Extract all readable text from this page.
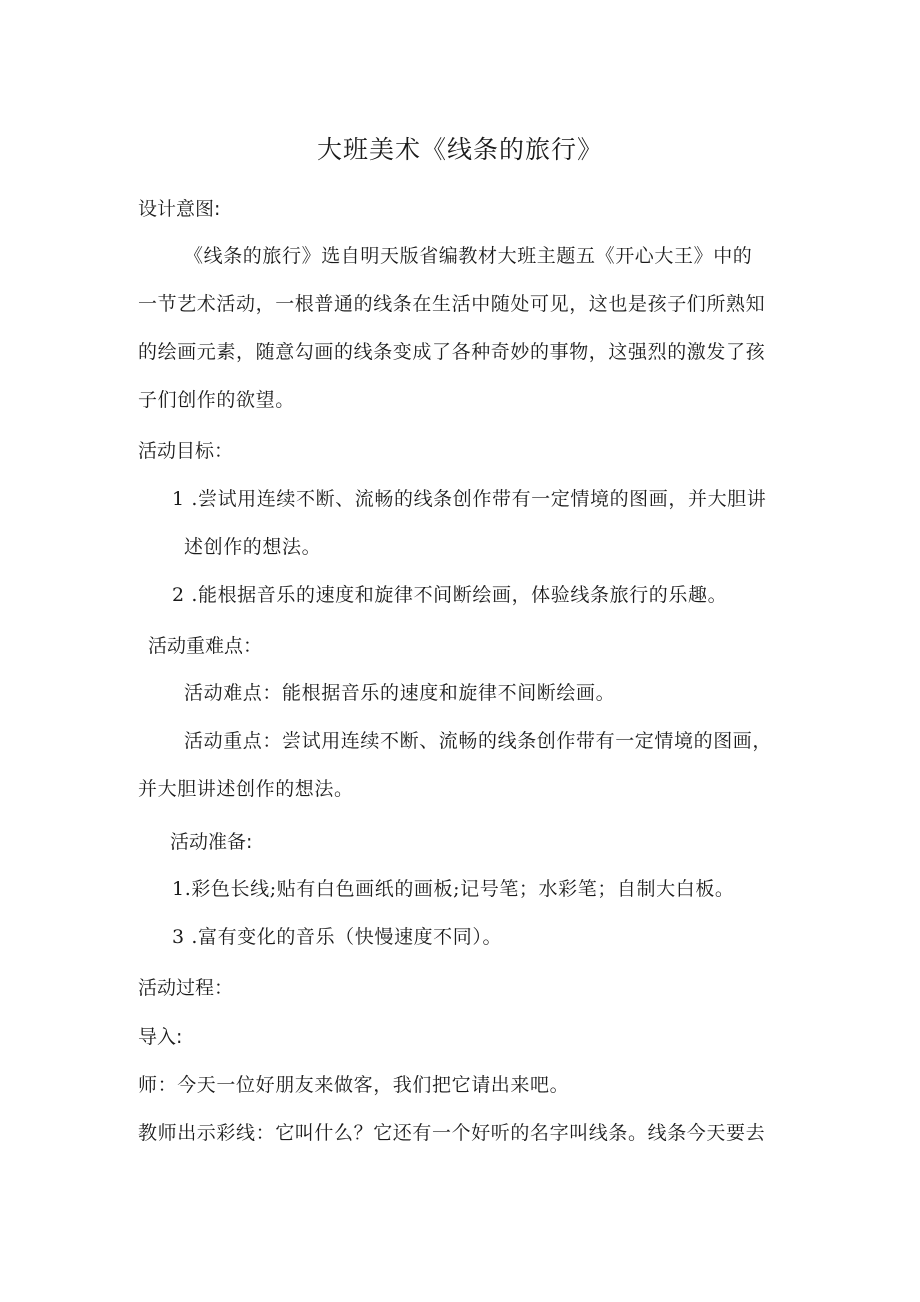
大班美术《线条的旅行》
设计意图:
《线条的旅行》选自明天版省编教材大班主题五《开心大王》中的
一节艺术活动，一根普通的线条在生活中随处可见，这也是孩子们所熟知
的绘画元素，随意勾画的线条变成了各种奇妙的事物，这强烈的激发了孩
子们创作的欲望。
活动目标：
1 .尝试用连续不断、流畅的线条创作带有一定情境的图画，并大胆讲
述创作的想法。
2 .能根据音乐的速度和旋律不间断绘画，体验线条旅行的乐趣。
活动重难点：
活动难点：能根据音乐的速度和旋律不间断绘画。
活动重点：尝试用连续不断、流畅的线条创作带有一定情境的图画，
并大胆讲述创作的想法。
活动准备:
1.彩色长线;贴有白色画纸的画板;记号笔；水彩笔；自制大白板。
3 .富有变化的音乐（快慢速度不同）。
活动过程：
导入:
师：今天一位好朋友来做客，我们把它请出来吧。
教师出示彩线：它叫什么？它还有一个好听的名字叫线条。线条今天要去
